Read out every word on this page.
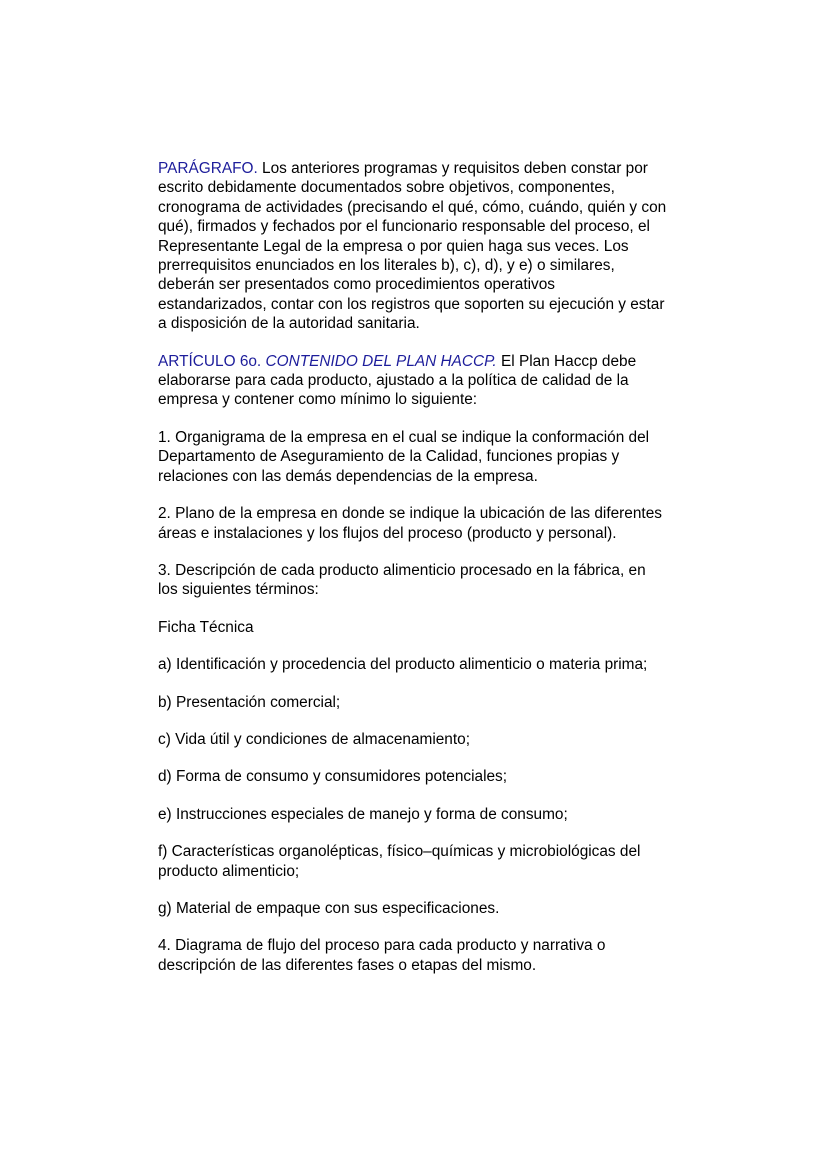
PARÁGRAFO. Los anteriores programas y requisitos deben constar por
escrito debidamente documentados sobre objetivos, componentes,
cronograma de actividades (precisando el qué, cómo, cuándo, quién y con
qué), firmados y fechados por el funcionario responsable del proceso, el
Representante Legal de la empresa o por quien haga sus veces. Los
prerrequisitos enunciados en los literales b), c), d), y e) o similares,
deberán ser presentados como procedimientos operativos
estandarizados, contar con los registros que soporten su ejecución y estar
a disposición de la autoridad sanitaria.

ARTÍCULO 6o. CONTENIDO DEL PLAN HACCP. El Plan Haccp debe
elaborarse para cada producto, ajustado a la política de calidad de la
empresa y contener como mínimo lo siguiente:

1. Organigrama de la empresa en el cual se indique la conformación del
Departamento de Aseguramiento de la Calidad, funciones propias y
relaciones con las demás dependencias de la empresa.

2. Plano de la empresa en donde se indique la ubicación de las diferentes
áreas e instalaciones y los flujos del proceso (producto y personal).

3. Descripción de cada producto alimenticio procesado en la fábrica, en
los siguientes términos:

Ficha Técnica

a) Identificación y procedencia del producto alimenticio o materia prima;

b) Presentación comercial;

c) Vida útil y condiciones de almacenamiento;

d) Forma de consumo y consumidores potenciales;

e) Instrucciones especiales de manejo y forma de consumo;

f) Características organolépticas, físico–químicas y microbiológicas del
producto alimenticio;

g) Material de empaque con sus especificaciones.

4. Diagrama de flujo del proceso para cada producto y narrativa o
descripción de las diferentes fases o etapas del mismo.
